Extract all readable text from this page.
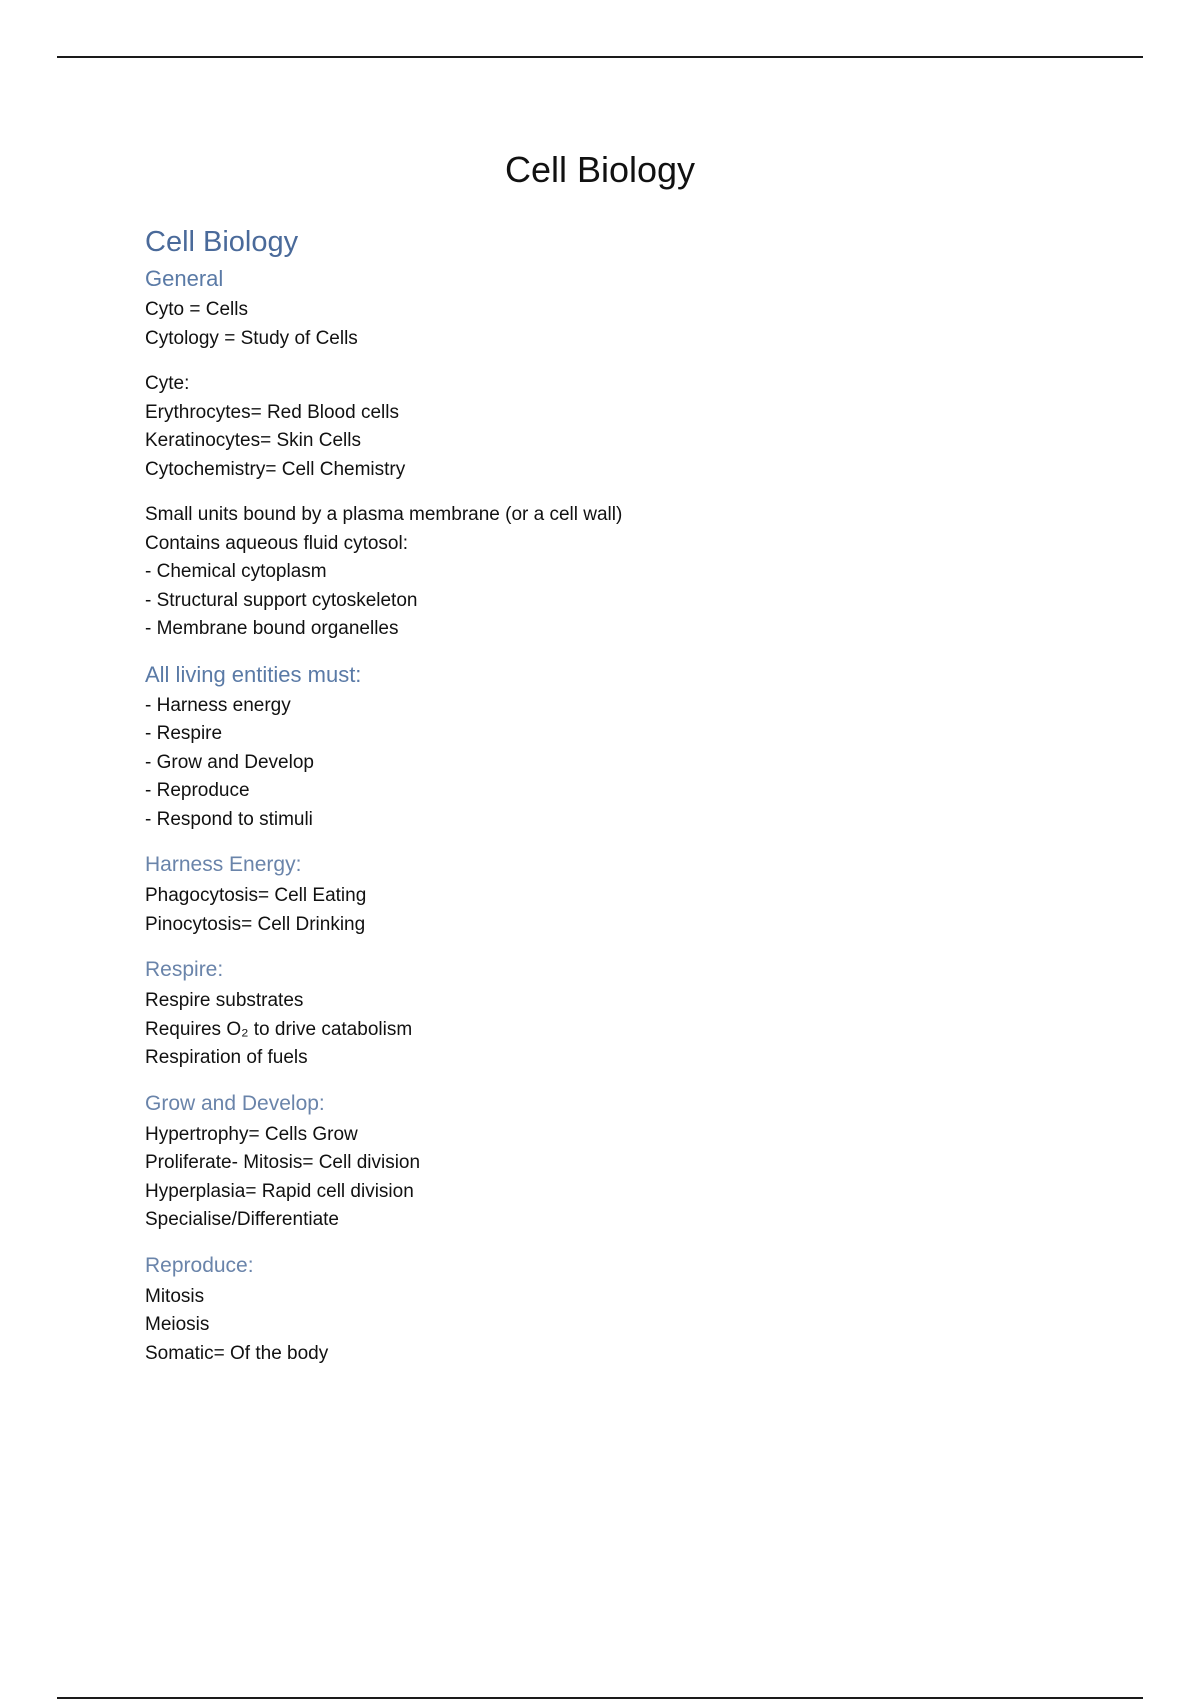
Cell Biology
Cell Biology
General
Cyto = Cells
Cytology = Study of Cells
Cyte:
Erythrocytes= Red Blood cells
Keratinocytes= Skin Cells
Cytochemistry= Cell Chemistry
Small units bound by a plasma membrane (or a cell wall)
Contains aqueous fluid cytosol:
- Chemical cytoplasm
- Structural support cytoskeleton
- Membrane bound organelles
All living entities must:
- Harness energy
- Respire
- Grow and Develop
- Reproduce
- Respond to stimuli
Harness Energy:
Phagocytosis= Cell Eating
Pinocytosis= Cell Drinking
Respire:
Respire substrates
Requires O₂ to drive catabolism
Respiration of fuels
Grow and Develop:
Hypertrophy= Cells Grow
Proliferate- Mitosis= Cell division
Hyperplasia= Rapid cell division
Specialise/Differentiate
Reproduce:
Mitosis
Meiosis
Somatic= Of the body
